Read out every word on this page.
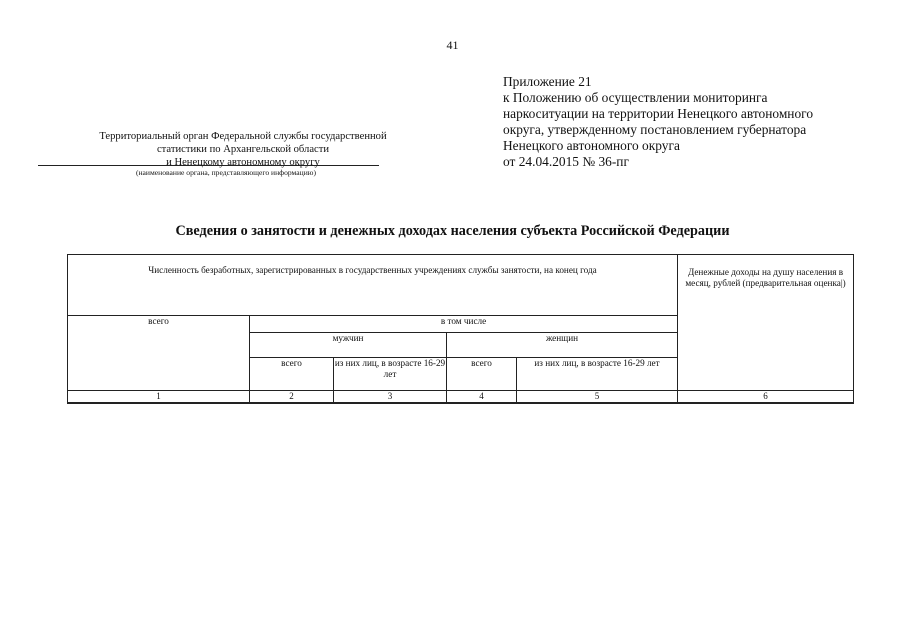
41
Приложение 21
к Положению об осуществлении мониторинга
наркоситуации на территории Ненецкого автономного
округа, утвержденному постановлением губернатора
Ненецкого автономного округа
от 24.04.2015 № 36-пг
Территориальный орган Федеральной службы государственной
статистики по Архангельской области
и Ненецкому автономному округу
(наименование органа, представляющего информацию)
Сведения о занятости и денежных доходах населения субъекта Российской Федерации
Численность безработных, зарегистрированных в государственных учреждениях службы занятости, на конец года					Денежные доходы на душу населения в месяц, рублей (предварительная оценка|)
всего	в том числе				
	мужчин		женщин		
	всего	из них лиц, в возрасте 16-29 лет	всего	из них лиц, в возрасте 16-29 лет	
1	2	3	4	5	6
